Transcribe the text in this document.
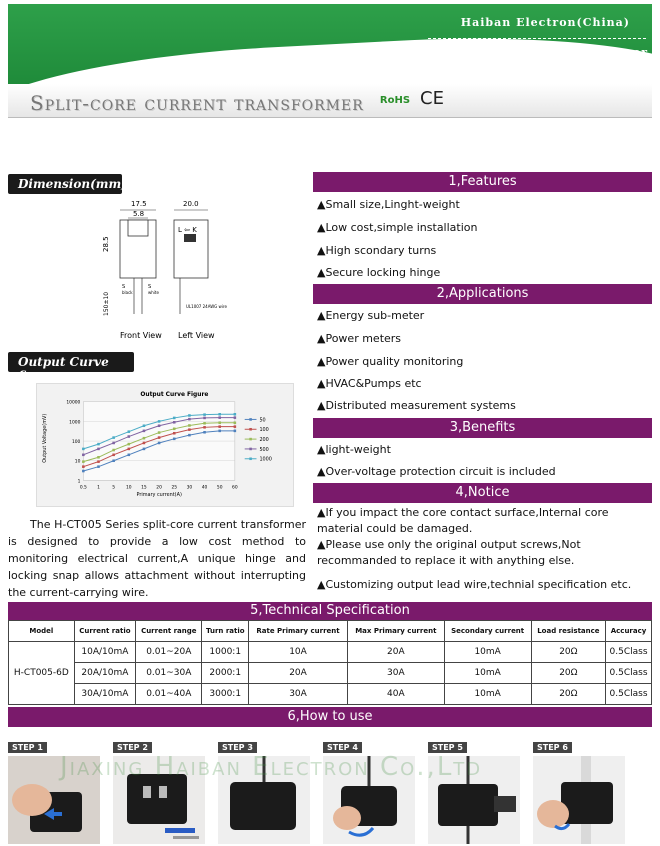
Haiban Electron(China)
Professional Current transformer
Split-core current transformer RoHS CE
Dimension(mm)
17.5
5.8
28.5
150±10
S
black
S
white
20.0
L ⇦ K
UL1007 24AWG wire
Front View Left View
Output Curve figure
Output Curve Figure
Output Voltage(mV)
Primary current(A)
10000
1000
100
10
1
0.5 1	5 10 15 20 25 30 40 50 60
50
100
200
500
1000
The H-CT005 Series split-core current transformer is designed to provide a low cost method to monitoring electrical current,A unique hinge and locking snap allows attachment without interrupting the current-carrying wire.
1,Features
▲Small size,Linght-weight
▲Low cost,simple installation
▲High scondary turns
▲Secure locking hinge
2,Applications
▲Energy sub-meter
▲Power meters
▲Power quality monitoring
▲HVAC&Pumps etc
▲Distributed measurement systems
3,Benefits
▲light-weight
▲Over-voltage protection circuit is included
4,Notice
▲If you impact the core contact surface,Internal core material could be damaged.
▲Please use only the original output screws,Not recommanded to replace it with anything else.
▲Customizing output lead wire,technial specification etc.
5,Technical Specification
Model	Current ratio	Current range	Turn ratio	Rate Primary current	Max Primary current	Secondary current	Load resistance	Accuracy
H-CT005-6D	10A/10mA	0.01~20A	1000:1	10A	20A	10mA	20Ω	0.5Class
	20A/10mA	0.01~30A	2000:1	20A	30A	10mA	20Ω	0.5Class
	30A/10mA	0.01~40A	3000:1	30A	40A	10mA	20Ω	0.5Class
6,How to use
STEP 1	STEP 2	STEP 3	STEP 4	STEP 5	STEP 6
Jiaxing Haiban Electron Co.,Ltd
